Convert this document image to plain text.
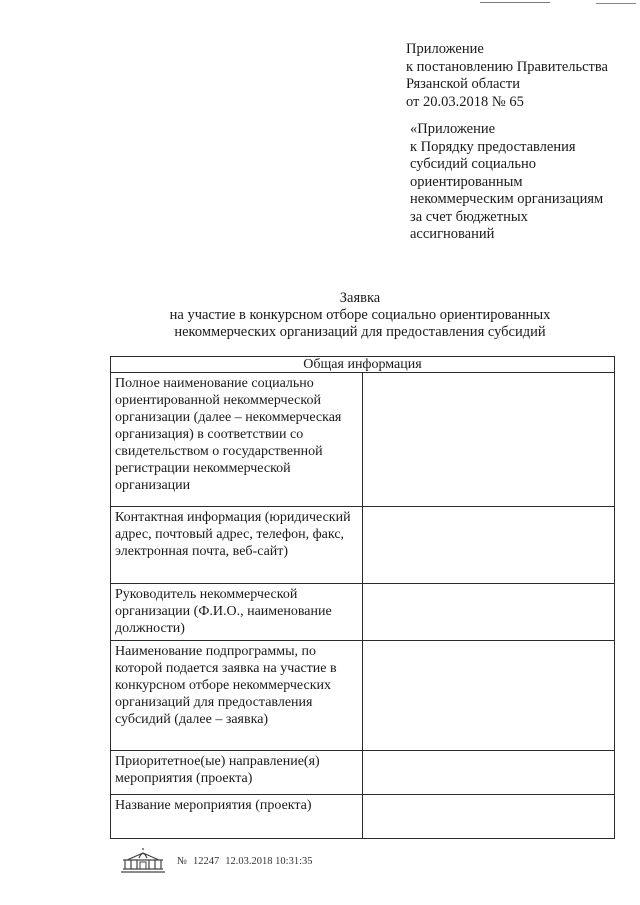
Приложение
к постановлению Правительства
Рязанской области
от 20.03.2018 № 65
«Приложение
к Порядку предоставления
субсидий социально
ориентированным
некоммерческим организациям
за счет бюджетных
ассигнований
Заявка
на участие в конкурсном отборе социально ориентированных
некоммерческих организаций для предоставления субсидий
Общая информация	
Полное наименование социально ориентированной некоммерческой организации (далее – некоммерческая организация) в соответствии со свидетельством о государственной регистрации некоммерческой организации	
Контактная информация (юридический адрес, почтовый адрес, телефон, факс, электронная почта, веб-сайт)	
Руководитель некоммерческой организации (Ф.И.О., наименование должности)	
Наименование подпрограммы, по которой подается заявка на участие в конкурсном отборе некоммерческих организаций для предоставления субсидий (далее – заявка)	
Приоритетное(ые) направление(я) мероприятия (проекта)	
Название мероприятия (проекта)	
№ 12247 12.03.2018 10:31:35
